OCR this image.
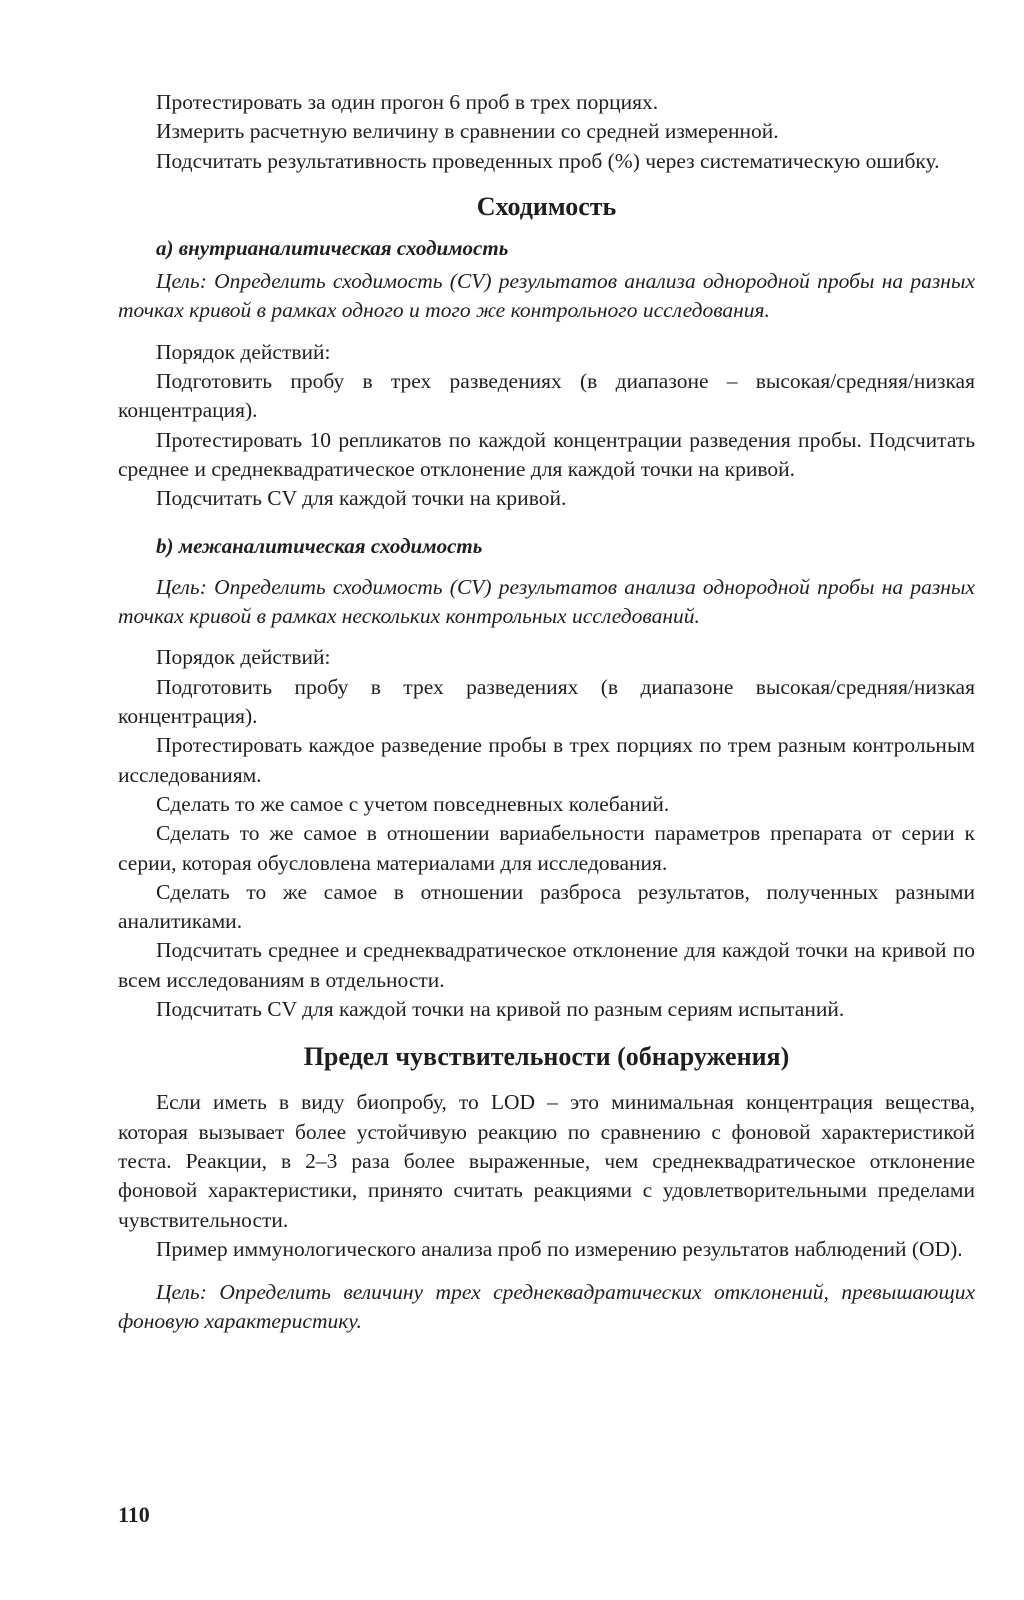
Протестировать за один прогон 6 проб в трех порциях.

Измерить расчетную величину в сравнении со средней измеренной.

Подсчитать результативность проведенных проб (%) через систематическую ошибку.

Сходимость

а) внутрианалитическая сходимость

Цель: Определить сходимость (CV) результатов анализа однородной пробы на разных точках кривой в рамках одного и того же контрольного исследования.

Порядок действий:

Подготовить пробу в трех разведениях (в диапазоне – высокая/средняя/низкая концентрация).

Протестировать 10 репликатов по каждой концентрации разведения пробы. Подсчитать среднее и среднеквадратическое отклонение для каждой точки на кривой.

Подсчитать CV для каждой точки на кривой.

b) межаналитическая сходимость

Цель: Определить сходимость (CV) результатов анализа однородной пробы на разных точках кривой в рамках нескольких контрольных исследований.

Порядок действий:

Подготовить пробу в трех разведениях (в диапазоне высокая/средняя/низкая концентрация).

Протестировать каждое разведение пробы в трех порциях по трем разным контрольным исследованиям.

Сделать то же самое с учетом повседневных колебаний.

Сделать то же самое в отношении вариабельности параметров препарата от серии к серии, которая обусловлена материалами для исследования.

Сделать то же самое в отношении разброса результатов, полученных разными аналитиками.

Подсчитать среднее и среднеквадратическое отклонение для каждой точки на кривой по всем исследованиям в отдельности.

Подсчитать CV для каждой точки на кривой по разным сериям испытаний.

Предел чувствительности (обнаружения)

Если иметь в виду биопробу, то LOD – это минимальная концентрация вещества, которая вызывает более устойчивую реакцию по сравнению с фоновой характеристикой теста. Реакции, в 2–3 раза более выраженные, чем среднеквадратическое отклонение фоновой характеристики, принято считать реакциями с удовлетворительными пределами чувствительности.

Пример иммунологического анализа проб по измерению результатов наблюдений (OD).

Цель: Определить величину трех среднеквадратических отклонений, превышающих фоновую характеристику.

110
